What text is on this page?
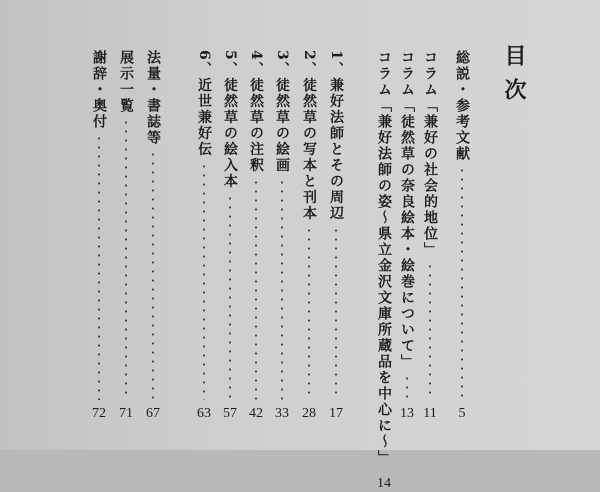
目次
総説・参考文献
5
コラム「兼好の社会的地位」
11
コラム「徒然草の奈良絵本・絵巻について」
13
コラム「兼好法師の姿～県立金沢文庫所蔵品を中心に～」
14
1、兼好法師とその周辺
17
2、徒然草の写本と刊本
28
3、徒然草の絵画
33
4、徒然草の注釈
42
5、徒然草の絵入本
57
6、近世兼好伝
63
法量・書誌等
67
展示一覧
71
謝辞・奥付
72
